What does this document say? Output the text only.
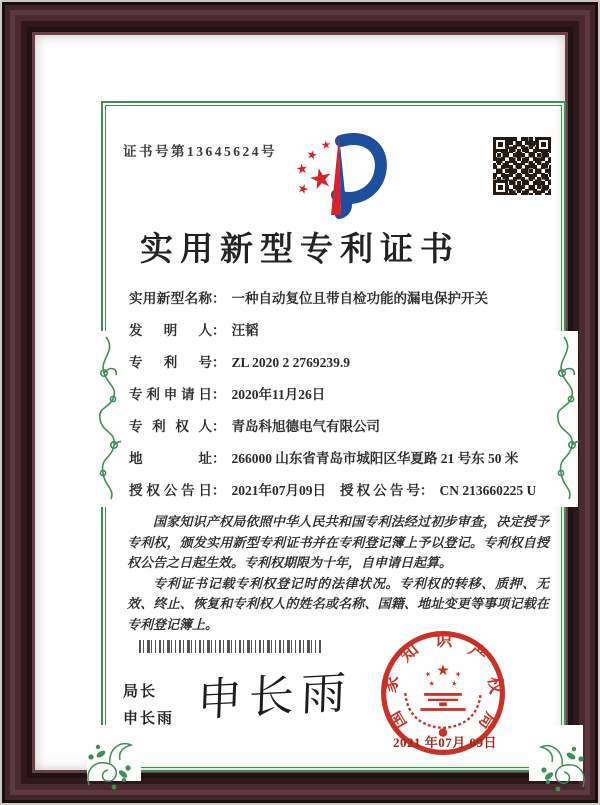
证书号第13645624号
实用新型专利证书
实用新型名称： 一种自动复位且带自检功能的漏电保护开关
发明人： 汪韬
专利号： ZL 2020 2 2769239.9
专利申请日： 2020年11月26日
专利权人： 青岛科旭德电气有限公司
地址： 266000 山东省青岛市城阳区华夏路 21 号东 50 米
授权公告日： 2021年07月09日 授权公告号： CN 213660225 U

国家知识产权局依照中华人民共和国专利法经过初步审查，决定授予专利权，颁发实用新型专利证书并在专利登记簿上予以登记。专利权自授权公告之日起生效。专利权期限为十年，自申请日起算。

专利证书记载专利权登记时的法律状况。专利权的转移、质押、无效、终止、恢复和专利权人的姓名或名称、国籍、地址变更等事项记载在专利登记簿上。

局长
申长雨 申长雨	国家知识产权局
2021 年07月 09日
